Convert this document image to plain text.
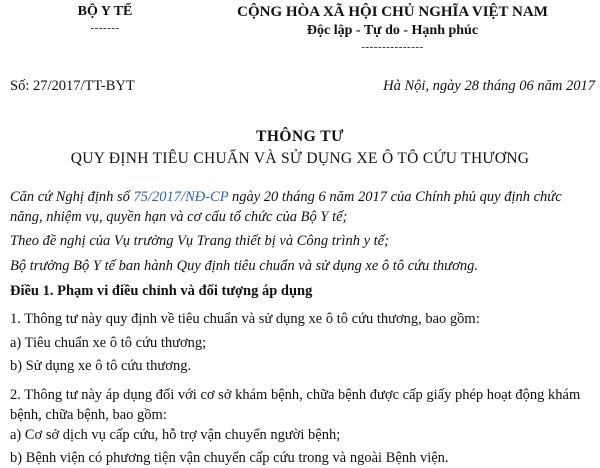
BỘ Y TẾ
-------
CỘNG HÒA XÃ HỘI CHỦ NGHĨA VIỆT NAM
Độc lập - Tự do - Hạnh phúc
---------------
Số: 27/2017/TT-BYT	Hà Nội, ngày 28 tháng 06 năm 2017
THÔNG TƯ
QUY ĐỊNH TIÊU CHUẨN VÀ SỬ DỤNG XE Ô TÔ CỨU THƯƠNG
Căn cứ Nghị định số 75/2017/NĐ-CP ngày 20 tháng 6 năm 2017 của Chính phủ quy định chức năng, nhiệm vụ, quyền hạn và cơ cấu tổ chức của Bộ Y tế;
Theo đề nghị của Vụ trưởng Vụ Trang thiết bị và Công trình y tế;
Bộ trưởng Bộ Y tế ban hành Quy định tiêu chuẩn và sử dụng xe ô tô cứu thương.
Điều 1. Phạm vi điều chỉnh và đối tượng áp dụng
1. Thông tư này quy định về tiêu chuẩn và sử dụng xe ô tô cứu thương, bao gồm:
a) Tiêu chuẩn xe ô tô cứu thương;
b) Sử dụng xe ô tô cứu thương.
2. Thông tư này áp dụng đối với cơ sở khám bệnh, chữa bệnh được cấp giấy phép hoạt động khám bệnh, chữa bệnh, bao gồm:
a) Cơ sở dịch vụ cấp cứu, hỗ trợ vận chuyển người bệnh;
b) Bệnh viện có phương tiện vận chuyển cấp cứu trong và ngoài Bệnh viện.
